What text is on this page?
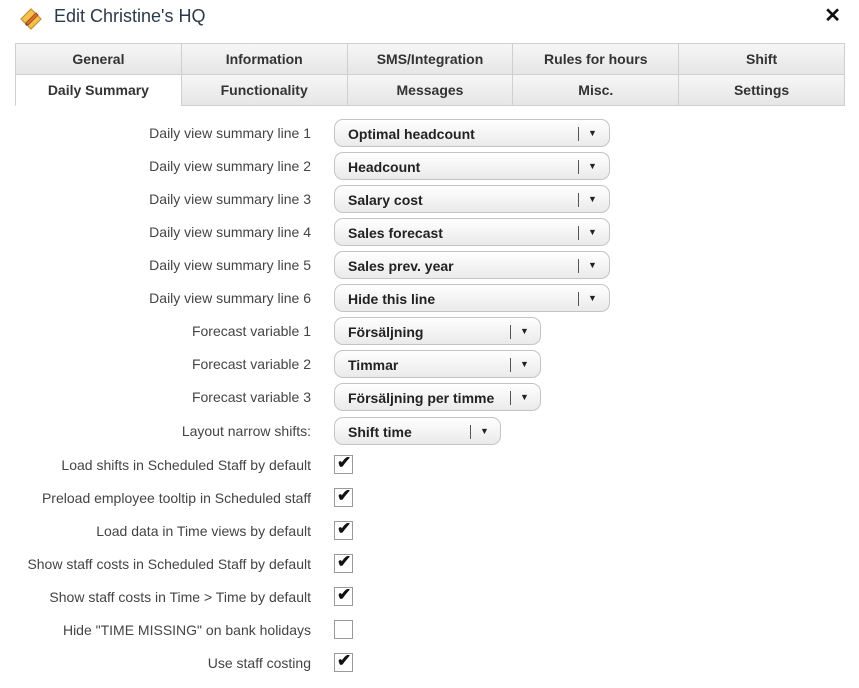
Edit Christine's HQ	✕
General	Information	SMS/Integration	Rules for hours	Shift
Daily Summary	Functionality	Messages	Misc.	Settings
Daily view summary line 1	Optimal headcount	▼
Daily view summary line 2	Headcount	▼
Daily view summary line 3	Salary cost	▼
Daily view summary line 4	Sales forecast	▼
Daily view summary line 5	Sales prev. year	▼
Daily view summary line 6	Hide this line	▼
Forecast variable 1	Försäljning	▼
Forecast variable 2	Timmar	▼
Forecast variable 3	Försäljning per timme	▼
Layout narrow shifts:	Shift time	▼
Load shifts in Scheduled Staff by default ✔
Preload employee tooltip in Scheduled staff ✔
Load data in Time views by default ✔
Show staff costs in Scheduled Staff by default ✔
Show staff costs in Time > Time by default ✔
Hide "TIME MISSING" on bank holidays
Use staff costing ✔
